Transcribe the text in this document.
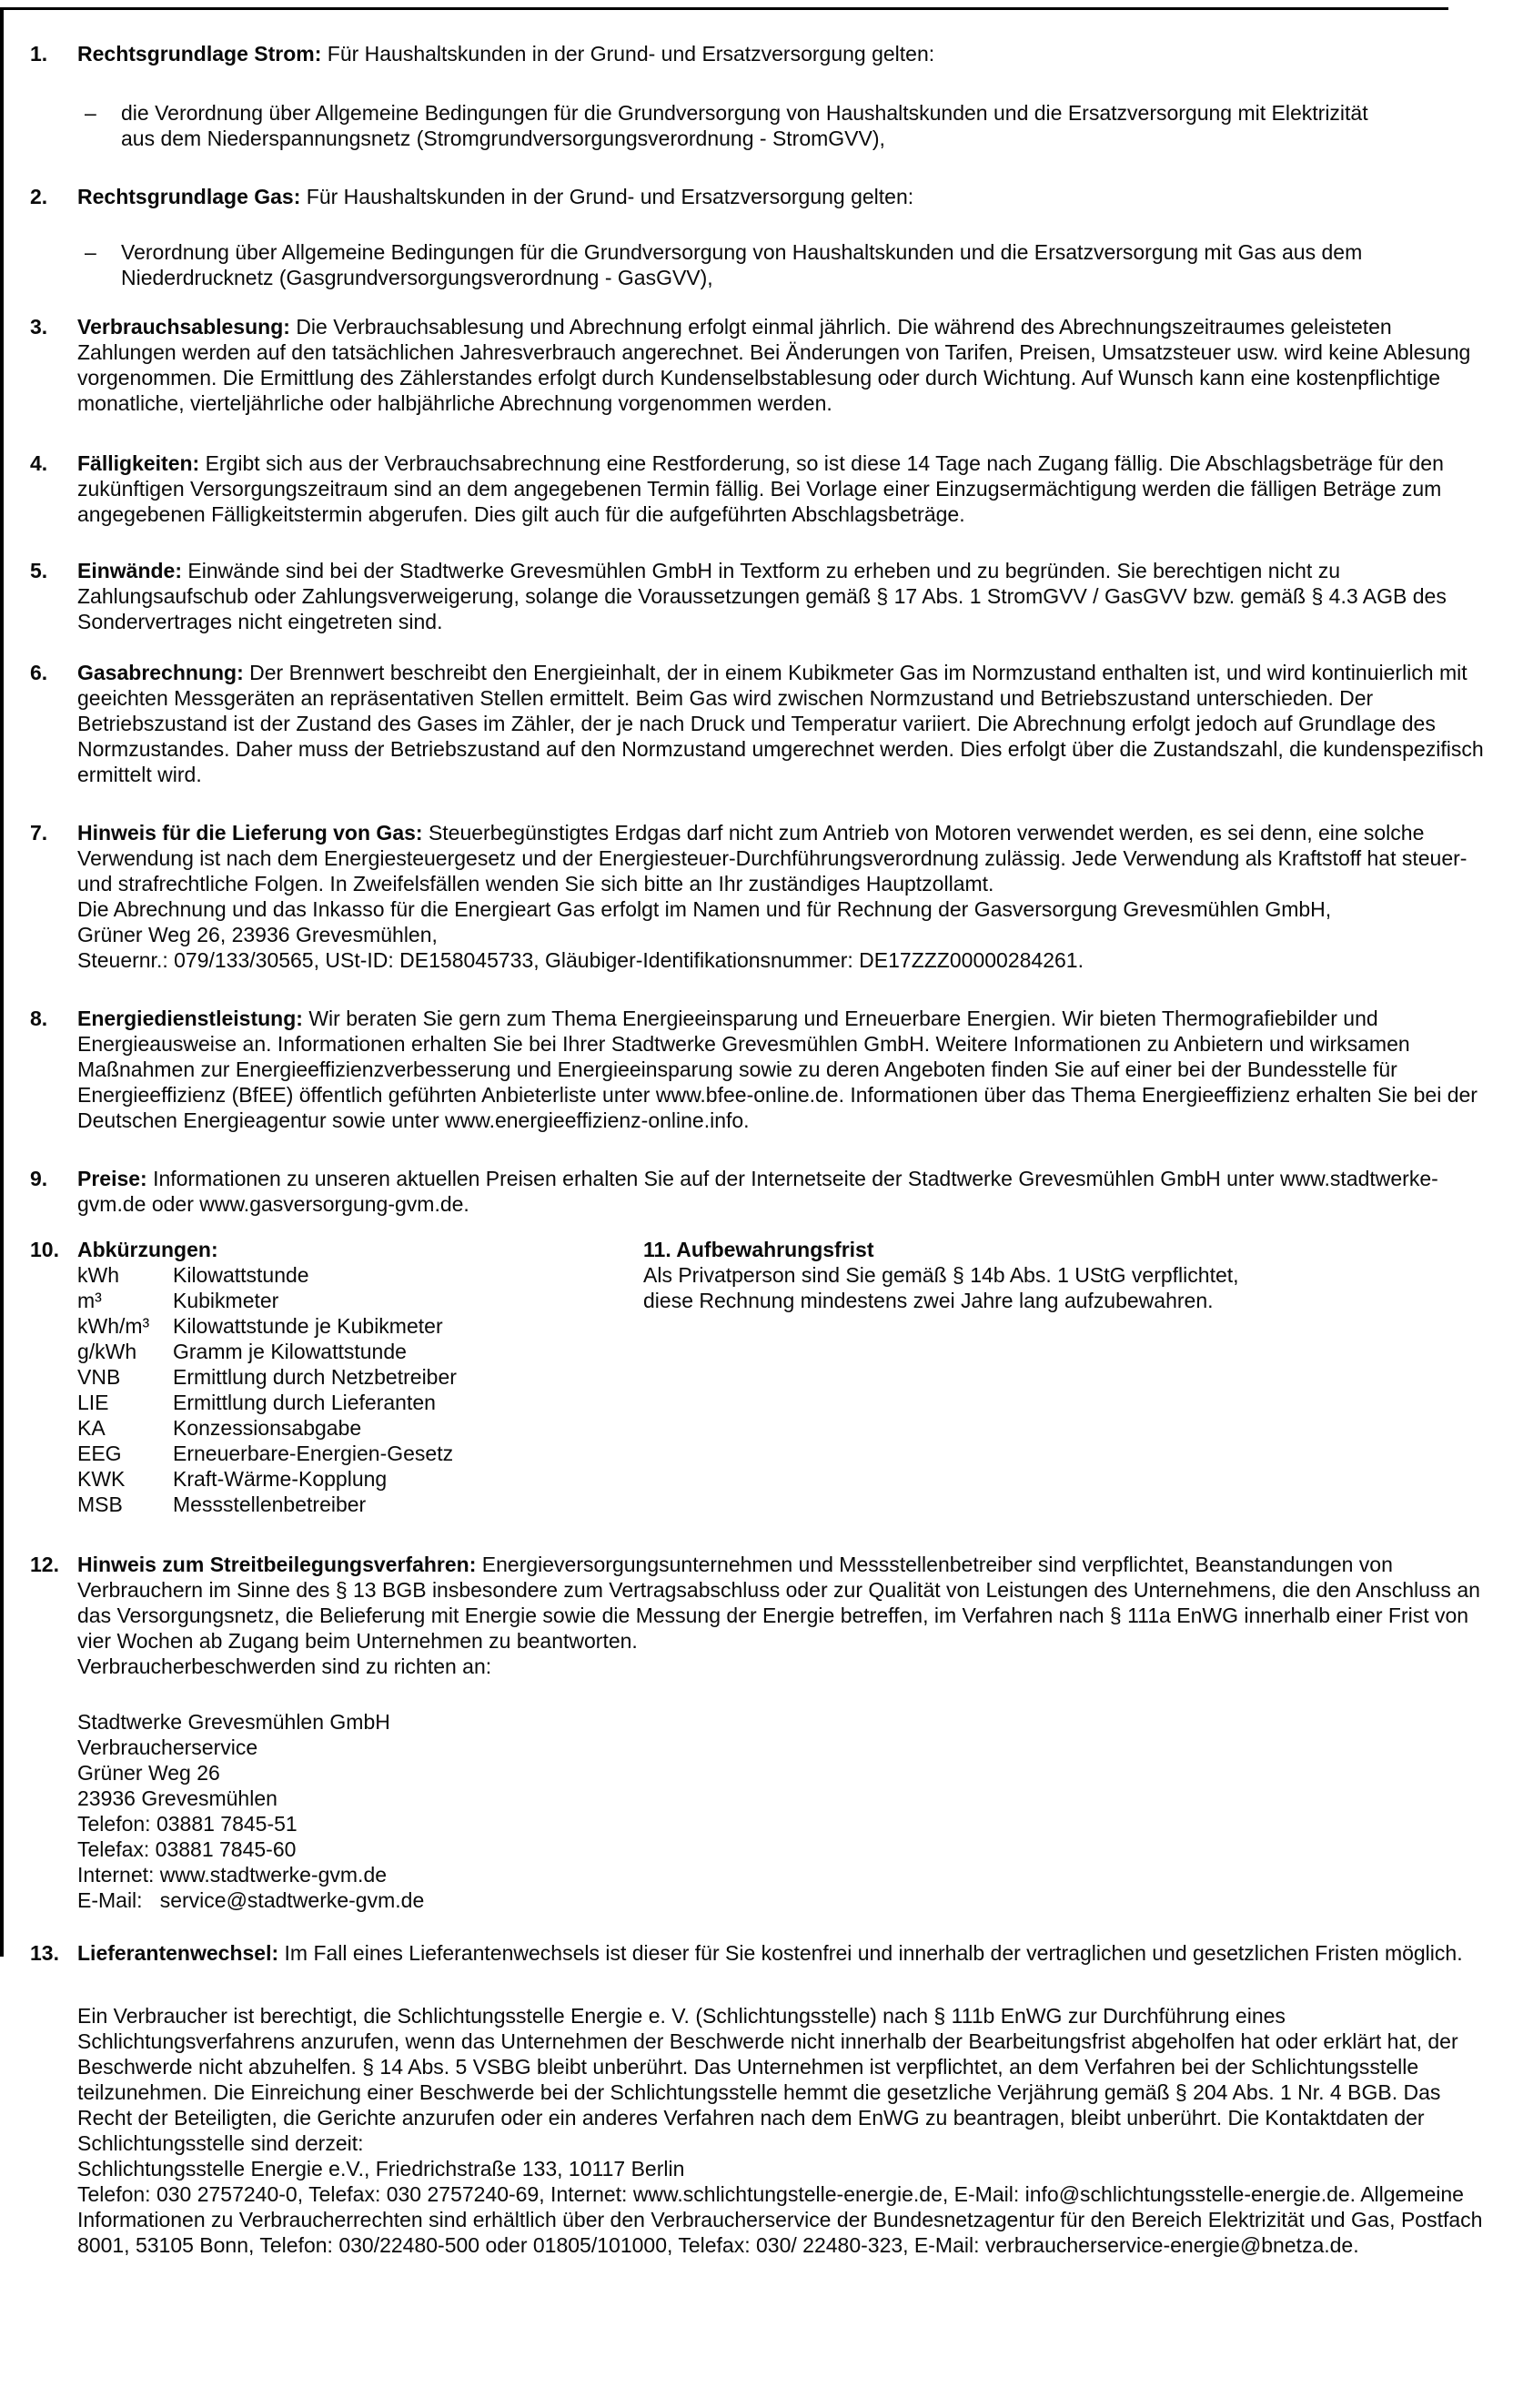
1. Rechtsgrundlage Strom: Für Haushaltskunden in der Grund- und Ersatzversorgung gelten:

– die Verordnung über Allgemeine Bedingungen für die Grundversorgung von Haushaltskunden und die Ersatzversorgung mit Elektrizität aus dem Niederspannungsnetz (Stromgrundversorgungsverordnung - StromGVV),

2. Rechtsgrundlage Gas: Für Haushaltskunden in der Grund- und Ersatzversorgung gelten:

– Verordnung über Allgemeine Bedingungen für die Grundversorgung von Haushaltskunden und die Ersatzversorgung mit Gas aus dem Niederdrucknetz (Gasgrundversorgungsverordnung - GasGVV),

3. Verbrauchsablesung: Die Verbrauchsablesung und Abrechnung erfolgt einmal jährlich. Die während des Abrechnungszeitraumes geleisteten Zahlungen werden auf den tatsächlichen Jahresverbrauch angerechnet. Bei Änderungen von Tarifen, Preisen, Umsatzsteuer usw. wird keine Ablesung vorgenommen. Die Ermittlung des Zählerstandes erfolgt durch Kundenselbstablesung oder durch Wichtung. Auf Wunsch kann eine kostenpflichtige monatliche, vierteljährliche oder halbjährliche Abrechnung vorgenommen werden.

4. Fälligkeiten: Ergibt sich aus der Verbrauchsabrechnung eine Restforderung, so ist diese 14 Tage nach Zugang fällig. Die Abschlagsbeträge für den zukünftigen Versorgungszeitraum sind an dem angegebenen Termin fällig. Bei Vorlage einer Einzugsermächtigung werden die fälligen Beträge zum angegebenen Fälligkeitstermin abgerufen. Dies gilt auch für die aufgeführten Abschlagsbeträge.

5. Einwände: Einwände sind bei der Stadtwerke Grevesmühlen GmbH in Textform zu erheben und zu begründen. Sie berechtigen nicht zu Zahlungsaufschub oder Zahlungsverweigerung, solange die Voraussetzungen gemäß § 17 Abs. 1 StromGVV / GasGVV bzw. gemäß § 4.3 AGB des Sondervertrages nicht eingetreten sind.

6. Gasabrechnung: Der Brennwert beschreibt den Energieinhalt, der in einem Kubikmeter Gas im Normzustand enthalten ist, und wird kontinuierlich mit geeichten Messgeräten an repräsentativen Stellen ermittelt. Beim Gas wird zwischen Normzustand und Betriebszustand unterschieden. Der Betriebszustand ist der Zustand des Gases im Zähler, der je nach Druck und Temperatur variiert. Die Abrechnung erfolgt jedoch auf Grundlage des Normzustandes. Daher muss der Betriebszustand auf den Normzustand umgerechnet werden. Dies erfolgt über die Zustandszahl, die kundenspezifisch ermittelt wird.

7. Hinweis für die Lieferung von Gas: Steuerbegünstigtes Erdgas darf nicht zum Antrieb von Motoren verwendet werden, es sei denn, eine solche Verwendung ist nach dem Energiesteuergesetz und der Energiesteuer-Durchführungsverordnung zulässig. Jede Verwendung als Kraftstoff hat steuer- und strafrechtliche Folgen. In Zweifelsfällen wenden Sie sich bitte an Ihr zuständiges Hauptzollamt.

Die Abrechnung und das Inkasso für die Energieart Gas erfolgt im Namen und für Rechnung der Gasversorgung Grevesmühlen GmbH,
Grüner Weg 26, 23936 Grevesmühlen,
Steuernr.: 079/133/30565, USt-ID: DE158045733, Gläubiger-Identifikationsnummer: DE17ZZZ00000284261.
8. Energiedienstleistung: Wir beraten Sie gern zum Thema Energieeinsparung und Erneuerbare Energien. Wir bieten Thermografiebilder und Energieausweise an. Informationen erhalten Sie bei Ihrer Stadtwerke Grevesmühlen GmbH. Weitere Informationen zu Anbietern und wirksamen Maßnahmen zur Energieeffizienzverbesserung und Energieeinsparung sowie zu deren Angeboten finden Sie auf einer bei der Bundesstelle für Energieeffizienz (BfEE) öffentlich geführten Anbieterliste unter www.bfee-online.de. Informationen über das Thema Energieeffizienz erhalten Sie bei der Deutschen Energieagentur sowie unter www.energieeffizienz-online.info.

9. Preise: Informationen zu unseren aktuellen Preisen erhalten Sie auf der Internetseite der Stadtwerke Grevesmühlen GmbH unter www.stadtwerke-gvm.de oder www.gasversorgung-gvm.de.

10. Abkürzungen:

kWh	Kilowattstunde
m³	Kubikmeter
kWh/m³	Kilowattstunde je Kubikmeter
g/kWh	Gramm je Kilowattstunde
VNB	Ermittlung durch Netzbetreiber
LIE	Ermittlung durch Lieferanten
KA	Konzessionsabgabe
EEG	Erneuerbare-Energien-Gesetz
KWK	Kraft-Wärme-Kopplung
MSB	Messstellenbetreiber

11. Aufbewahrungsfrist

Als Privatperson sind Sie gemäß § 14b Abs. 1 UStG verpflichtet,
diese Rechnung mindestens zwei Jahre lang aufzubewahren.
12. Hinweis zum Streitbeilegungsverfahren: Energieversorgungsunternehmen und Messstellenbetreiber sind verpflichtet, Beanstandungen von Verbrauchern im Sinne des § 13 BGB insbesondere zum Vertragsabschluss oder zur Qualität von Leistungen des Unternehmens, die den Anschluss an das Versorgungsnetz, die Belieferung mit Energie sowie die Messung der Energie betreffen, im Verfahren nach § 111a EnWG innerhalb einer Frist von vier Wochen ab Zugang beim Unternehmen zu beantworten.

Verbraucherbeschwerden sind zu richten an:
Stadtwerke Grevesmühlen GmbH
Verbraucherservice
Grüner Weg 26
23936 Grevesmühlen
Telefon: 03881 7845-51
Telefax: 03881 7845-60
Internet: www.stadtwerke-gvm.de
E-Mail:   service@stadtwerke-gvm.de
13. Lieferantenwechsel: Im Fall eines Lieferantenwechsels ist dieser für Sie kostenfrei und innerhalb der vertraglichen und gesetzlichen Fristen möglich.

Ein Verbraucher ist berechtigt, die Schlichtungsstelle Energie e. V. (Schlichtungsstelle) nach § 111b EnWG zur Durchführung eines Schlichtungsverfahrens anzurufen, wenn das Unternehmen der Beschwerde nicht innerhalb der Bearbeitungsfrist abgeholfen hat oder erklärt hat, der Beschwerde nicht abzuhelfen. § 14 Abs. 5 VSBG bleibt unberührt. Das Unternehmen ist verpflichtet, an dem Verfahren bei der Schlichtungsstelle teilzunehmen. Die Einreichung einer Beschwerde bei der Schlichtungsstelle hemmt die gesetzliche Verjährung gemäß § 204 Abs. 1 Nr. 4 BGB. Das Recht der Beteiligten, die Gerichte anzurufen oder ein anderes Verfahren nach dem EnWG zu beantragen, bleibt unberührt. Die Kontaktdaten der Schlichtungsstelle sind derzeit:

Schlichtungsstelle Energie e.V., Friedrichstraße 133, 10117 Berlin

Telefon: 030 2757240-0, Telefax: 030 2757240-69, Internet: www.schlichtungstelle-energie.de, E-Mail: info@schlichtungsstelle-energie.de. Allgemeine Informationen zu Verbraucherrechten sind erhältlich über den Verbraucherservice der Bundesnetzagentur für den Bereich Elektrizität und Gas, Postfach 8001, 53105 Bonn, Telefon: 030/22480-500 oder 01805/101000, Telefax: 030/ 22480-323, E-Mail: verbraucherservice-energie@bnetza.de.
